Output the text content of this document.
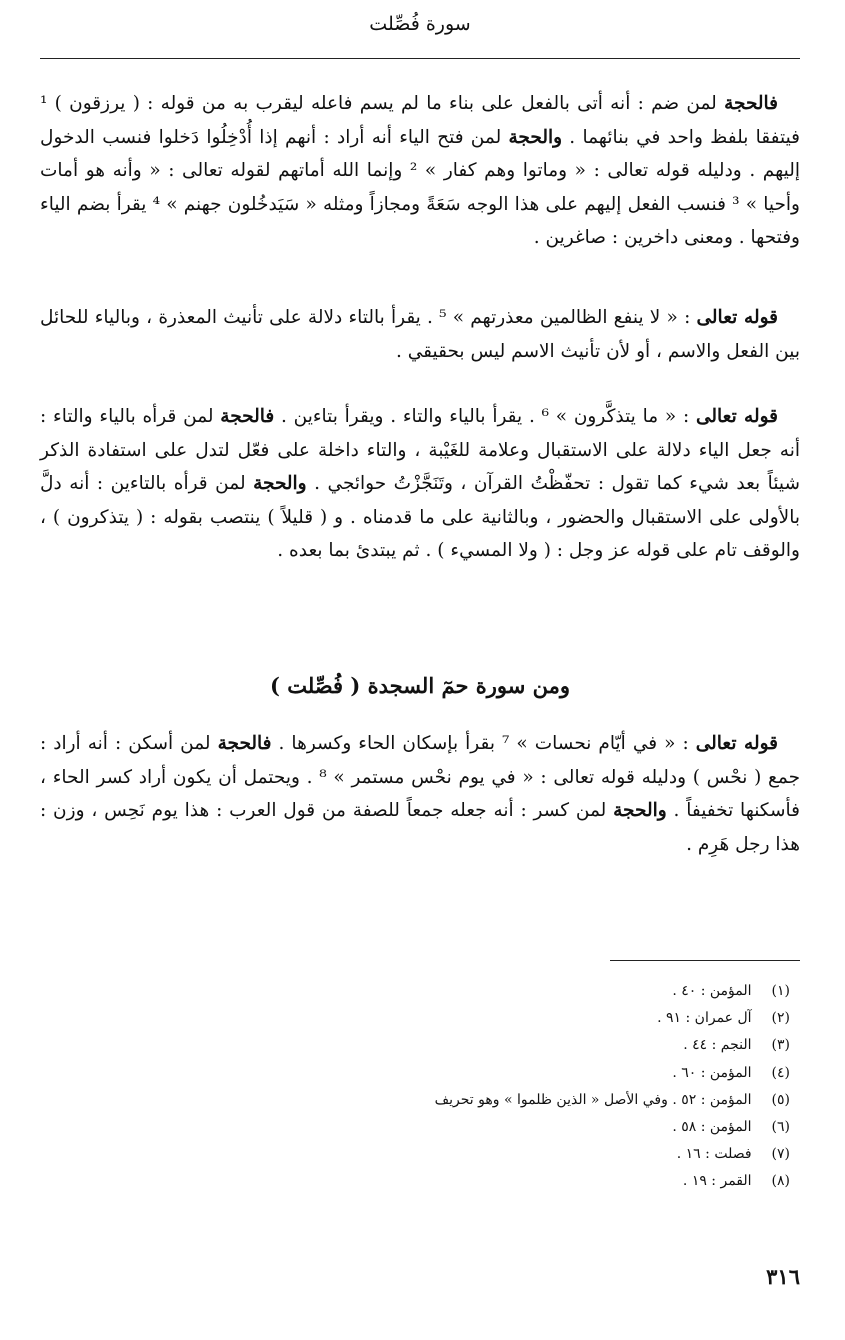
سورة فُصِّلت

فالحجة لمن ضم : أنه أتى بالفعل على بناء ما لم يسم فاعله ليقرب به من قوله : ( يرزقون ) ¹ فيتفقا بلفظ واحد في بنائهما . والحجة لمن فتح الياء أنه أراد : أنهم إذا أُدْخِلُوا دَخلوا فنسب الدخول إليهم . ودليله قوله تعالى : « وماتوا وهم كفار » ² وإنما الله أماتهم لقوله تعالى : « وأنه هو أمات وأحيا » ³ فنسب الفعل إليهم على هذا الوجه سَعَةً ومجازاً ومثله « سَيَدخُلون جهنم » ⁴ يقرأ بضم الياء وفتحها . ومعنى داخرين : صاغرين .

قوله تعالى : « لا ينفع الظالمين معذرتهم » ⁵ . يقرأ بالتاء دلالة على تأنيث المعذرة ، وبالياء للحائل بين الفعل والاسم ، أو لأن تأنيث الاسم ليس بحقيقي .

قوله تعالى : « ما يتذكَّرون » ⁶ . يقرأ بالياء والتاء . ويقرأ بتاءين . فالحجة لمن قرأه بالياء والتاء : أنه جعل الياء دلالة على الاستقبال وعلامة للغَيْبة ، والتاء داخلة على فعّل لتدل على استفادة الذكر شيئاً بعد شيء كما تقول : تحفّظْتُ القرآن ، وتَنَجَّزْتُ حوائجي . والحجة لمن قرأه بالتاءين : أنه دلَّ بالأولى على الاستقبال والحضور ، وبالثانية على ما قدمناه . و ( قليلاً ) ينتصب بقوله : ( يتذكرون ) ، والوقف تام على قوله عز وجل : ( ولا المسيء ) . ثم يبتدئ بما بعده .

ومن سورة حمٓ السجدة ( فُصِّلت )

قوله تعالى : « في أيّام نحسات » ⁷ بقرأ بإسكان الحاء وكسرها . فالحجة لمن أسكن : أنه أراد : جمع ( نحْس ) ودليله قوله تعالى : « في يوم نحْس مستمر » ⁸ . ويحتمل أن يكون أراد كسر الحاء ، فأسكنها تخفيفاً . والحجة لمن كسر : أنه جعله جمعاً للصفة من قول العرب : هذا يوم نَحِس ، وزن : هذا رجل هَرِم .

(١) المؤمن : ٤٠ .
(٢) آل عمران : ٩١ .
(٣) النجم : ٤٤ .
(٤) المؤمن : ٦٠ .
(٥) المؤمن : ٥٢ . وفي الأصل « الذين ظلموا » وهو تحريف
(٦) المؤمن : ٥٨ .
(٧) فصلت : ١٦ .
(٨) القمر : ١٩ .
٣١٦
